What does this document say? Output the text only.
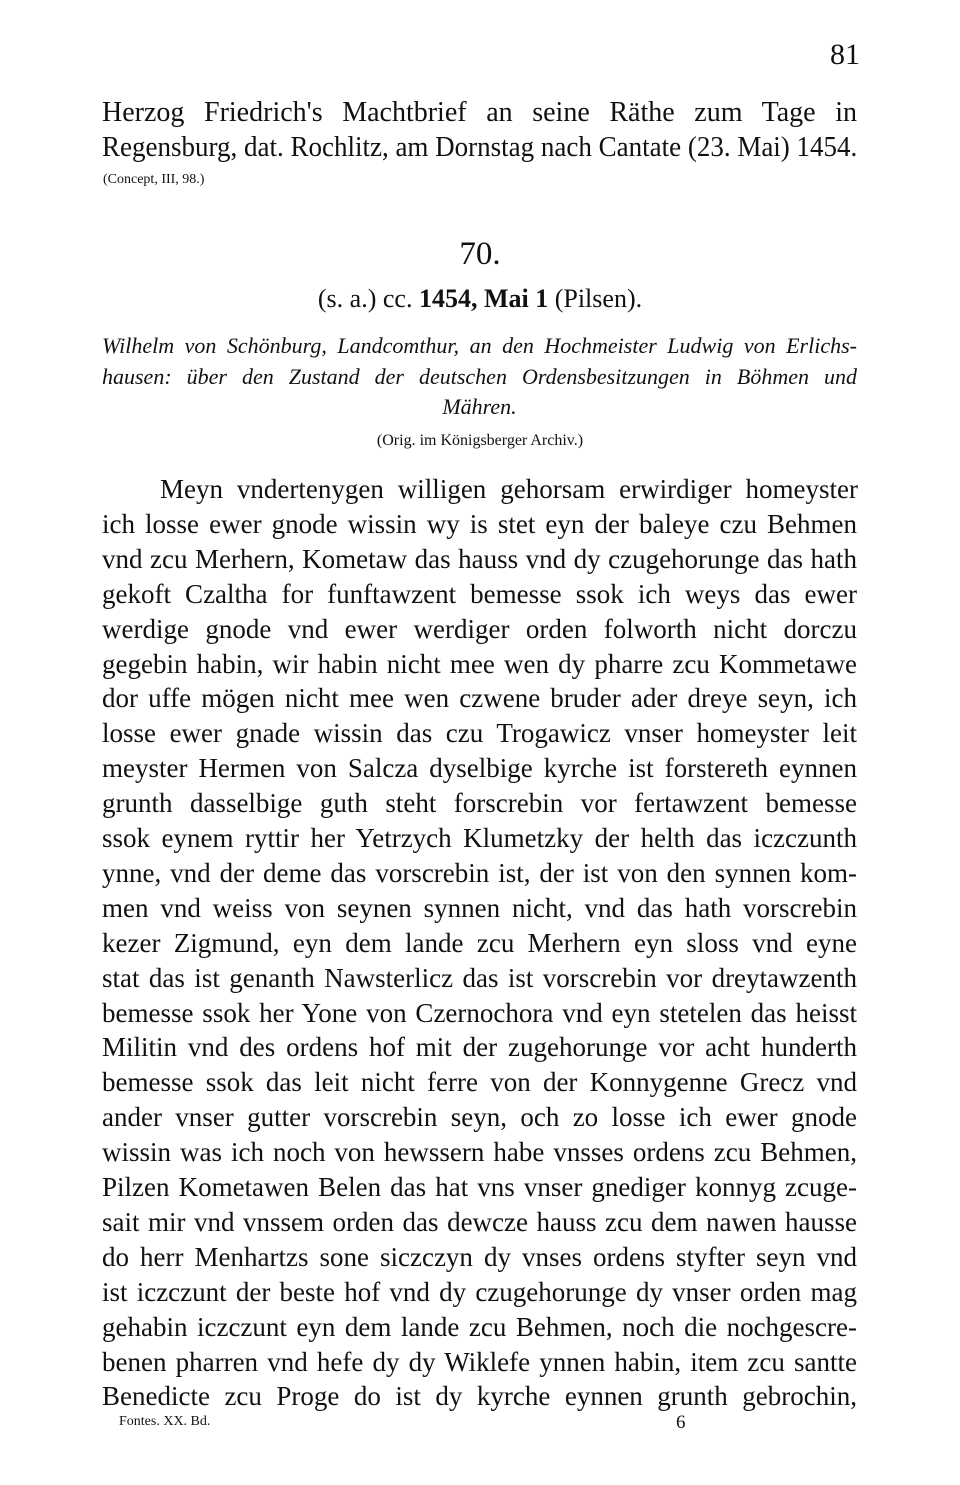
81
Herzog Friedrich's Machtbrief an seine Räthe zum Tage in
Regensburg, dat. Rochlitz, am Dornstag nach Cantate (23. Mai) 1454.
(Concept, III, 98.)
70.
(s. a.) cc. 1454, Mai 1 (Pilsen).
Wilhelm von Schönburg, Landcomthur, an den Hochmeister Ludwig von Erlichs-
hausen: über den Zustand der deutschen Ordensbesitzungen in Böhmen und
Mähren.
(Orig. im Königsberger Archiv.)
Meyn vndertenygen willigen gehorsam erwirdiger homeyster
ich losse ewer gnode wissin wy is stet eyn der baleye czu Behmen
vnd zcu Merhern, Kometaw das hauss vnd dy czugehorunge das hath
gekoft Czaltha for funftawzent bemesse ssok ich weys das ewer
werdige gnode vnd ewer werdiger orden folworth nicht dorczu
gegebin habin, wir habin nicht mee wen dy pharre zcu Kommetawe
dor uffe mögen nicht mee wen czwene bruder ader dreye seyn, ich
losse ewer gnade wissin das czu Trogawicz vnser homeyster leit
meyster Hermen von Salcza dyselbige kyrche ist forstereth eynnen
grunth dasselbige guth steht forscrebin vor fertawzent bemesse
ssok eynem ryttir her Yetrzych Klumetzky der helth das iczczunth
ynne, vnd der deme das vorscrebin ist, der ist von den synnen kom-
men vnd weiss von seynen synnen nicht, vnd das hath vorscrebin
kezer Zigmund, eyn dem lande zcu Merhern eyn sloss vnd eyne
stat das ist genanth Nawsterlicz das ist vorscrebin vor dreytawzenth
bemesse ssok her Yone von Czernochora vnd eyn stetelen das heisst
Militin vnd des ordens hof mit der zugehorunge vor acht hunderth
bemesse ssok das leit nicht ferre von der Konnygenne Grecz vnd
ander vnser gutter vorscrebin seyn, och zo losse ich ewer gnode
wissin was ich noch von hewssern habe vnsses ordens zcu Behmen,
Pilzen Kometawen Belen das hat vns vnser gnediger konnyg zcuge-
sait mir vnd vnssem orden das dewcze hauss zcu dem nawen hausse
do herr Menhartzs sone siczczyn dy vnses ordens styfter seyn vnd
ist iczczunt der beste hof vnd dy czugehorunge dy vnser orden mag
gehabin iczczunt eyn dem lande zcu Behmen, noch die nochgescre-
benen pharren vnd hefe dy dy Wiklefe ynnen habin, item zcu santte
Benedicte zcu Proge do ist dy kyrche eynnen grunth gebrochin,
Fontes. XX. Bd.	6
